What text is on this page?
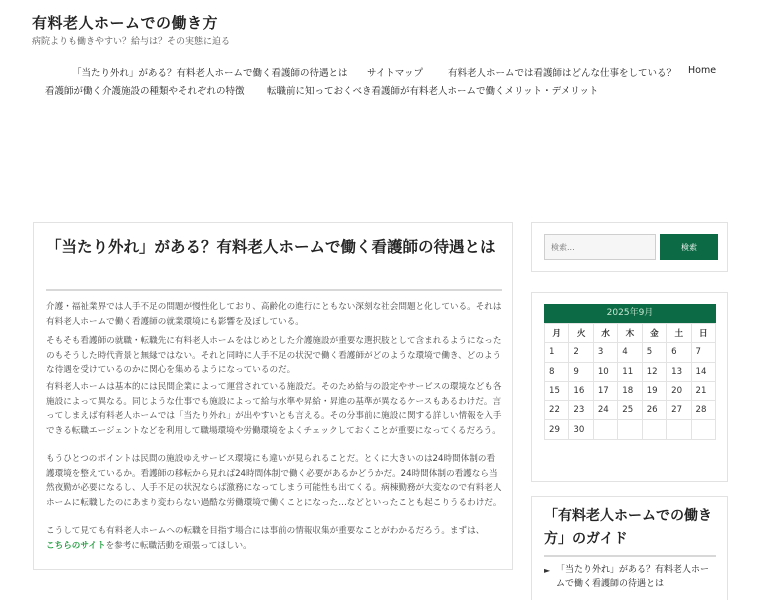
有料老人ホームでの働き方
病院よりも働きやすい？給与は？その実態に迫る
「当たり外れ」がある？有料老人ホームで働く看護師の待遇とは サイトマップ	有料老人ホームでは看護師はどんな仕事をしている？ Home
看護師が働く介護施設の種類やそれぞれの特徴 転職前に知っておくべき看護師が有料老人ホームで働くメリット・デメリット
「当たり外れ」がある？有料老人ホームで働く看護師の待遇とは

介護・福祉業界では人手不足の問題が慢性化しており、高齢化の進行にともない深刻な社会問題と化している。それは有料老人ホームで働く看護師の就業環境にも影響を及ぼしている。

そもそも看護師の就職・転職先に有料老人ホームをはじめとした介護施設が重要な選択肢として含まれるようになったのもそうした時代背景と無縁ではない。それと同時に人手不足の状況で働く看護師がどのような環境で働き、どのような待遇を受けているのかに関心を集めるようになっているのだ。

有料老人ホームは基本的には民間企業によって運営されている施設だ。そのため給与の設定やサービスの環境なども各施設によって異なる。同じような仕事でも施設によって給与水準や昇給・昇進の基準が異なるケースもあるわけだ。言ってしまえば有料老人ホームでは「当たり外れ」が出やすいとも言える。その分事前に施設に関する詳しい情報を入手できる転職エージェントなどを利用して職場環境や労働環境をよくチェックしておくことが重要になってくるだろう。

もうひとつのポイントは民間の施設ゆえサービス環境にも違いが見られることだ。とくに大きいのは24時間体制の看護環境を整えているか。看護師の移転から見れば24時間体制で働く必要があるかどうかだ。24時間体制の看護なら当然夜勤が必要になるし、人手不足の状況ならば激務になってしまう可能性も出てくる。病棟勤務が大変なので有料老人ホームに転職したのにあまり変わらない過酷な労働環境で働くことになった…などといったことも起こりうるわけだ。

こうして見ても有料老人ホームへの転職を目指す場合には事前の情報収集が重要なことがわかるだろう。まずは、
こちらのサイトを参考に転職活動を頑張ってほしい。

検索...
検索
2025年9月
月	火	水	木	金	土	日
1	2	3	4	5	6	7
8	9	10	11	12	13	14
15	16	17	18	19	20	21
22	23	24	25	26	27	28
29	30					
「有料老人ホームでの働き方」のガイド
► 「当たり外れ」がある？有料老人ホームで働く看護師の待遇とは
